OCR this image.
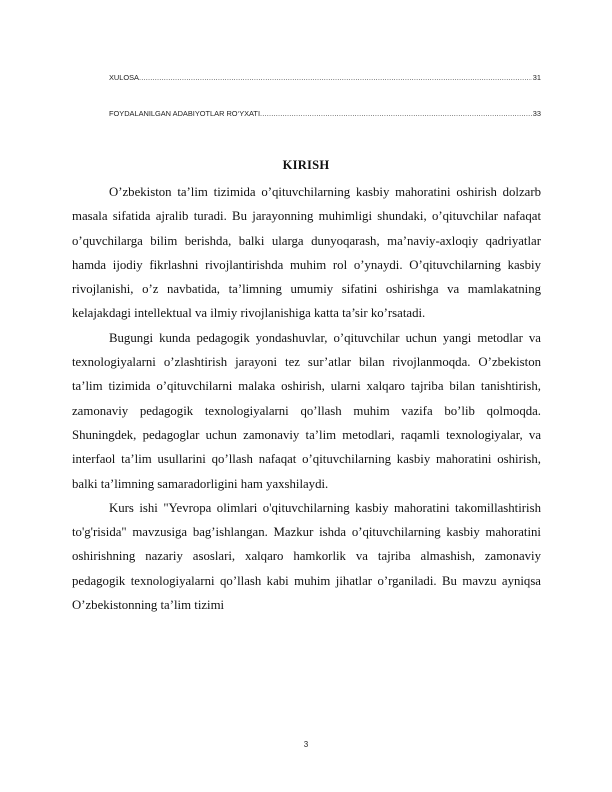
XULOSA .....	31
FOYDALANILGAN ADABIYOTLAR RO‘YXATI .....	33
KIRISH

O’zbekiston ta’lim tizimida o’qituvchilarning kasbiy mahoratini oshirish dolzarb masala sifatida ajralib turadi. Bu jarayonning muhimligi shundaki, o’qituvchilar nafaqat o’quvchilarga bilim berishda, balki ularga dunyoqarash, ma’naviy-axloqiy qadriyatlar hamda ijodiy fikrlashni rivojlantirishda muhim rol o’ynaydi. O’qituvchilarning kasbiy rivojlanishi, o’z navbatida, ta’limning umumiy sifatini oshirishga va mamlakatning kelajakdagi intellektual va ilmiy rivojlanishiga katta ta’sir ko’rsatadi.

Bugungi kunda pedagogik yondashuvlar, o’qituvchilar uchun yangi metodlar va texnologiyalarni o’zlashtirish jarayoni tez sur’atlar bilan rivojlanmoqda. O’zbekiston ta’lim tizimida o’qituvchilarni malaka oshirish, ularni xalqaro tajriba bilan tanishtirish, zamonaviy pedagogik texnologiyalarni qo’llash muhim vazifa bo’lib qolmoqda. Shuningdek, pedagoglar uchun zamonaviy ta’lim metodlari, raqamli texnologiyalar, va interfaol ta’lim usullarini qo’llash nafaqat o’qituvchilarning kasbiy mahoratini oshirish, balki ta’limning samaradorligini ham yaxshilaydi.

Kurs ishi "Yevropa olimlari o'qituvchilarning kasbiy mahoratini takomillashtirish to'g'risida" mavzusiga bag’ishlangan. Mazkur ishda o’qituvchilarning kasbiy mahoratini oshirishning nazariy asoslari, xalqaro hamkorlik va tajriba almashish, zamonaviy pedagogik texnologiyalarni qo’llash kabi muhim jihatlar o’rganiladi. Bu mavzu ayniqsa O’zbekistonning ta’lim tizimi

3
